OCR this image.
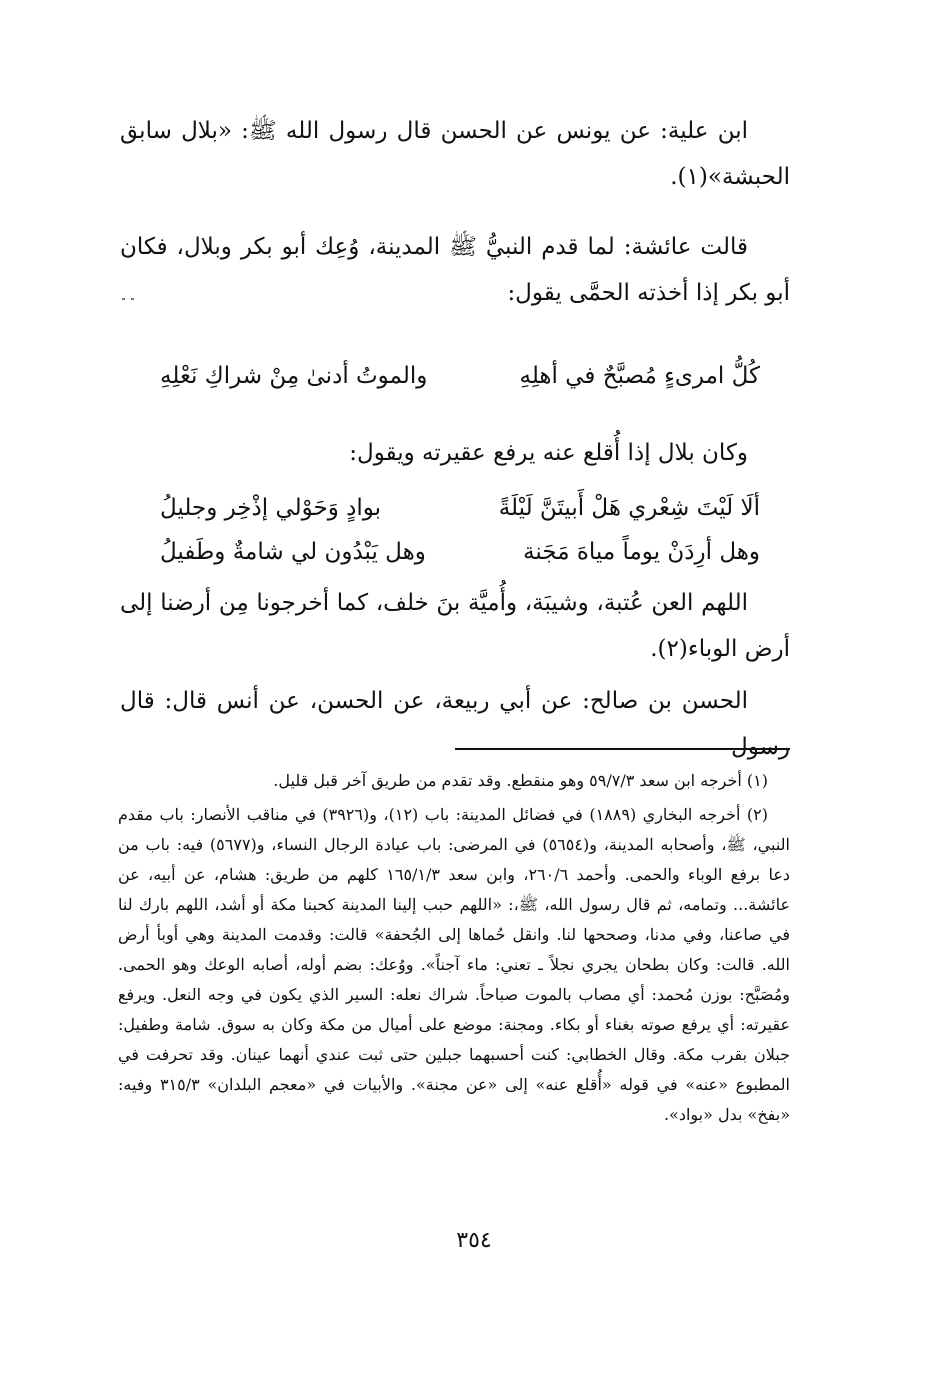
ابن علية: عن يونس عن الحسن قال رسول الله ﷺ: «بلال سابق الحبشة»(١).

قالت عائشة: لما قدم النبيُّ ﷺ المدينة، وُعِك أبو بكر وبلال، فكان أبو بكر إذا أخذته الحمَّى يقول:

كُلُّ امرىءٍ مُصبَّحٌ في أهلِهِ
والموتُ أدنىٰ مِنْ شراكِ نَعْلِهِ

وكان بلال إذا أُقلع عنه يرفع عقيرته ويقول:

ألَا لَيْتَ شِعْري هَلْ أَبيتَنَّ لَيْلَةً
بوادٍ وَحَوْلي إذْخِر وجليلُ
وهل أرِدَنْ يوماً مياهَ مَجَنة
وهل يَبْدُون لي شامةٌ وطَفيلُ

اللهم العن عُتبة، وشيبَة، وأُميَّة بنَ خلف، كما أخرجونا مِن أرضنا إلى أرض الوباء(٢).

الحسن بن صالح: عن أبي ربيعة، عن الحسن، عن أنس قال: قال رسول

(١) أخرجه ابن سعد ٥٩/٧/٣ وهو منقطع. وقد تقدم من طريق آخر قبل قليل.

(٢) أخرجه البخاري (١٨٨٩) في فضائل المدينة: باب (١٢)، و(٣٩٢٦) في مناقب الأنصار: باب مقدم النبي، ﷺ، وأصحابه المدينة، و(٥٦٥٤) في المرضى: باب عيادة الرجال النساء، و(٥٦٧٧) فيه: باب من دعا برفع الوباء والحمى. وأحمد ٢٦٠/٦، وابن سعد ١٦٥/١/٣ كلهم من طريق: هشام، عن أبيه، عن عائشة... وتمامه، ثم قال رسول الله، ﷺ،: «اللهم حبب إلينا المدينة كحبنا مكة أو أشد، اللهم بارك لنا في صاعنا، وفي مدنا، وصححها لنا. وانقل حُماها إلى الجُحفة» قالت: وقدمت المدينة وهي أوبأ أرض الله. قالت: وكان بطحان يجري نجلاً ـ تعني: ماء آجناً». ووُعك: بضم أوله، أصابه الوعك وهو الحمى. ومُصَبَّح: بوزن مُحمد: أي مصاب بالموت صباحاً. شراك نعله: السير الذي يكون في وجه النعل. ويرفع عقيرته: أي يرفع صوته بغناء أو بكاء. ومجنة: موضع على أميال من مكة وكان به سوق. شامة وطفيل: جبلان بقرب مكة. وقال الخطابي: كنت أحسبهما جبلين حتى ثبت عندي أنهما عينان. وقد تحرفت في المطبوع «عنه» في قوله «أُقلع عنه» إلى «عن مجنة». والأبيات في «معجم البلدان» ٣١٥/٣ وفيه: «بفخ» بدل «بواد».

٣٥٤
